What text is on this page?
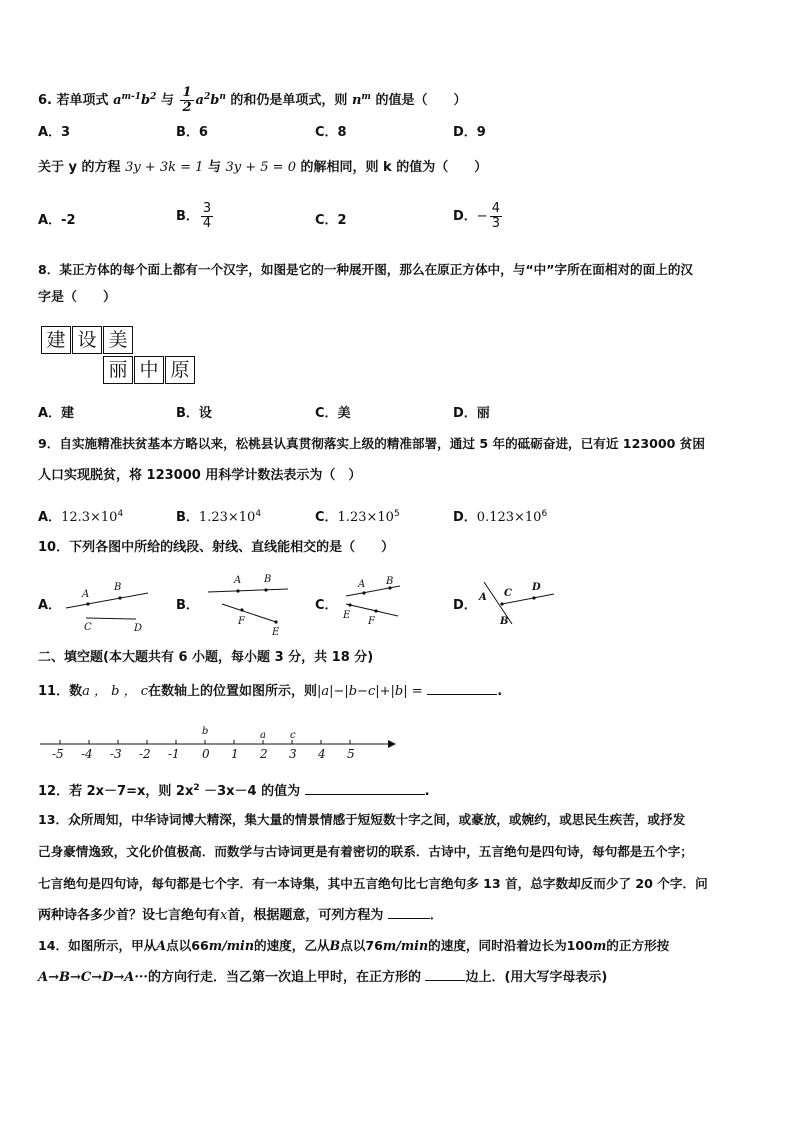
6. 若单项式 $a^{m-1}b^2$ 与 $\frac{1}{2} a^2b^n$ 的和仍是单项式，则 $n^m$ 的值是（　　）
A．3	B．6	C．8	D．9
关于 y 的方程 3y + 3k = 1 与 3y + 5 = 0 的解相同，则 k 的值为（　　）
A．-2	B． $\frac{3}{4}$	C．2	D．− $\frac{4}{3}$
8．某正方体的每个面上都有一个汉字，如图是它的一种展开图，那么在原正方体中，与“中”字所在面相对的面上的汉
字是（　　）
建 设 美
丽 中 原
A．建	B．设	C．美	D．丽
9．自实施精准扶贫基本方略以来，松桃县认真贯彻落实上级的精准部署，通过 5 年的砥砺奋进，已有近 123000 贫困
人口实现脱贫，将 123000 用科学计数法表示为（　）
A．$12.3\times 10^4$	B．$1.23\times 10^4$	C．$1.23\times 10^5$	D．$0.123\times 10^6$
10．下列各图中所给的线段、射线、直线能相交的是（　　）
A．	B．	C．	D．
A
B
C	D
A B
F
E
A B
E
F
A C
D
B
二、填空题(本大题共有 6 小题，每小题 3 分，共 18 分)
11．数a ， b ， c在数轴上的位置如图所示，则|a|−|b−c|+|b| =	.
-5 -4 -3 -2 -1 0 1 2 3 4 5
b	a c
12．若 2x－7=x，则 $2x^2 -3x-4$ 的值为	.
13．众所周知，中华诗词博大精深，集大量的情景情感于短短数十字之间，或豪放，或婉约，或思民生疾苦，或抒发
己身豪情逸致，文化价值极高．而数学与古诗词更是有着密切的联系．古诗中，五言绝句是四句诗，每句都是五个字；
七言绝句是四句诗，每句都是七个字．有一本诗集，其中五言绝句比七言绝句多 13 首，总字数却反而少了 20 个字．问
两种诗各多少首？设七言绝句有x首，根据题意，可列方程为	．
14．如图所示，甲从A点以66m/min的速度，乙从B点以76m/min的速度，同时沿着边长为100m的正方形按
A→B→C→D→A···的方向行走．当乙第一次追上甲时，在正方形的	边上．(用大写字母表示)
